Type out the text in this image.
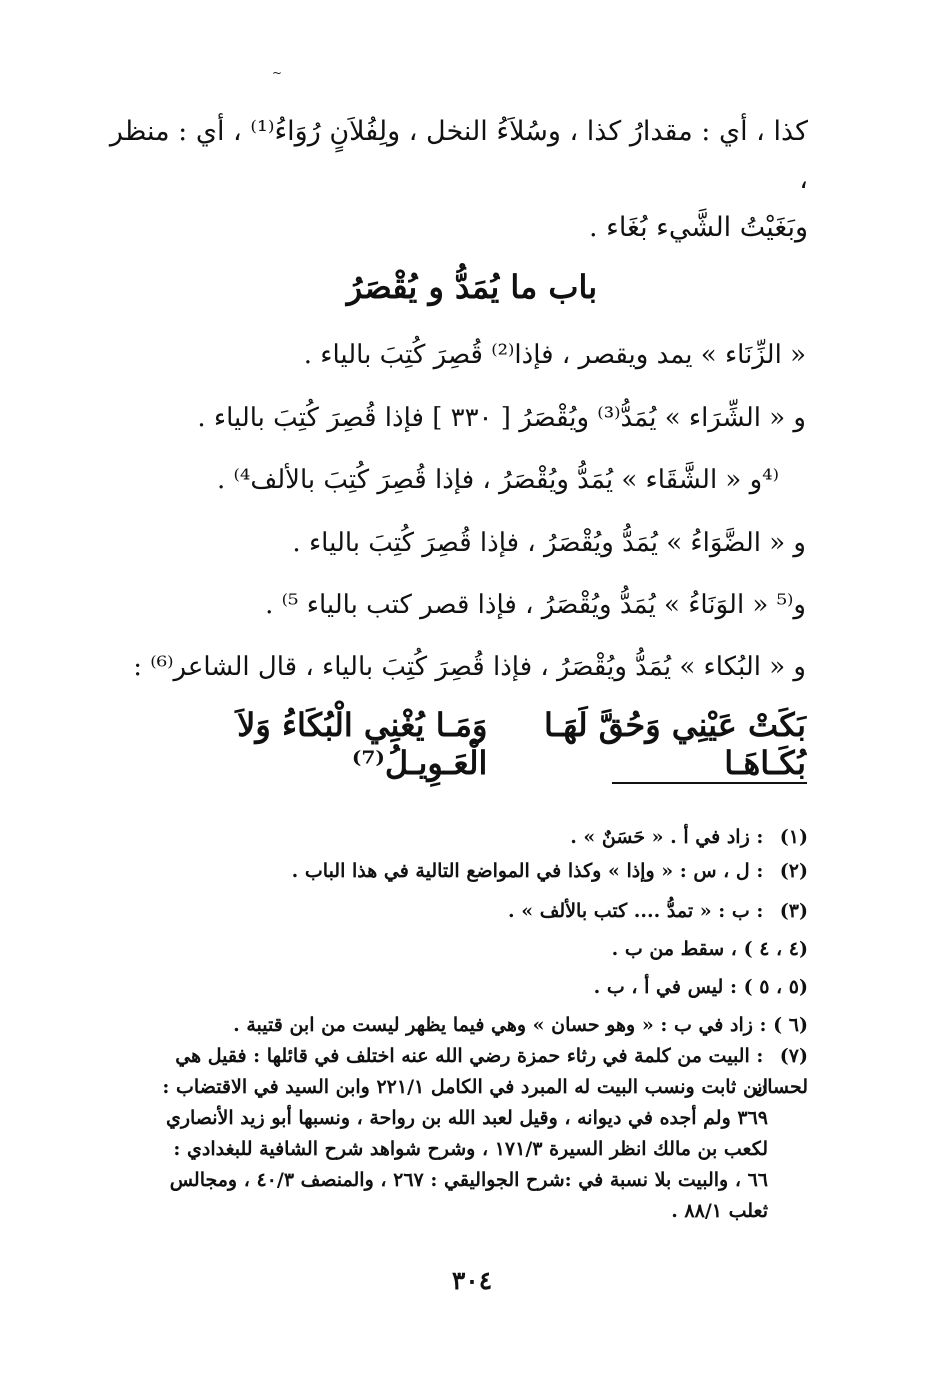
~
كذا ، أي : مقدارُ كذا ، وسُلاَءُ النخل ، ولِفُلاَنٍ رُوَاءُ⁽¹⁾ ، أي : منظر ،
وبَغَيْتُ الشَّيء بُغَاء .
باب ما يُمَدُّ و يُقْصَرُ
« الزِّنَاء » يمد ويقصر ، فإذا⁽²⁾ قُصِرَ كُتِبَ بالياء .
و « الشِّرَاء » يُمَدُّ⁽³⁾ ويُقْصَرُ [ ٣٣٠ ] فإذا قُصِرَ كُتِبَ بالياء .
⁽⁴و « الشَّقَاء » يُمَدُّ ويُقْصَرُ ، فإذا قُصِرَ كُتِبَ بالألف⁴⁾ .
و « الضَّوَاءُ » يُمَدُّ ويُقْصَرُ ، فإذا قُصِرَ كُتِبَ بالياء .
و⁽⁵ « الوَنَاءُ » يُمَدُّ ويُقْصَرُ ، فإذا قصر كتب بالياء ⁵⁾ .
و « البُكاء » يُمَدُّ ويُقْصَرُ ، فإذا قُصِرَ كُتِبَ بالياء ، قال الشاعر⁽⁶⁾ :
بَكَتْ عَيْنِي وَحُقَّ لَهَـا بُكَـاهَـا
وَمَـا يُغْنِي الْبُكَاءُ وَلاَ الْعَـوِيـلُ⁽⁷⁾
(١) : زاد في أ . « حَسَنٌ » .
(٢) : ل ، س : « وإذا » وكذا في المواضع التالية في هذا الباب .
(٣) : ب : « تمدُّ .... كتب بالألف » .
(٤ ، ٤ ) ، سقط من ب .
(٥ ، ٥ ) : ليس في أ ، ب .
(٦ ) : زاد في ب : « وهو حسان » وهي فيما يظهر ليست من ابن قتيبة .
(٧) : البيت من كلمة في رثاء حمزة رضي الله عنه اختلف في قائلها : فقيل هي لحسان
ابن ثابت ونسب البيت له المبرد في الكامل ٢٢١/١ وابن السيد في الاقتضاب :
٣٦٩ ولم أجده في ديوانه ، وقيل لعبد الله بن رواحة ، ونسبها أبو زيد الأنصاري
لكعب بن مالك انظر السيرة ١٧١/٣ ، وشرح شواهد شرح الشافية للبغدادي :
٦٦ ، والبيت بلا نسبة في :شرح الجواليقي : ٢٦٧ ، والمنصف ٤٠/٣ ، ومجالس
ثعلب ٨٨/١ .
٣٠٤
